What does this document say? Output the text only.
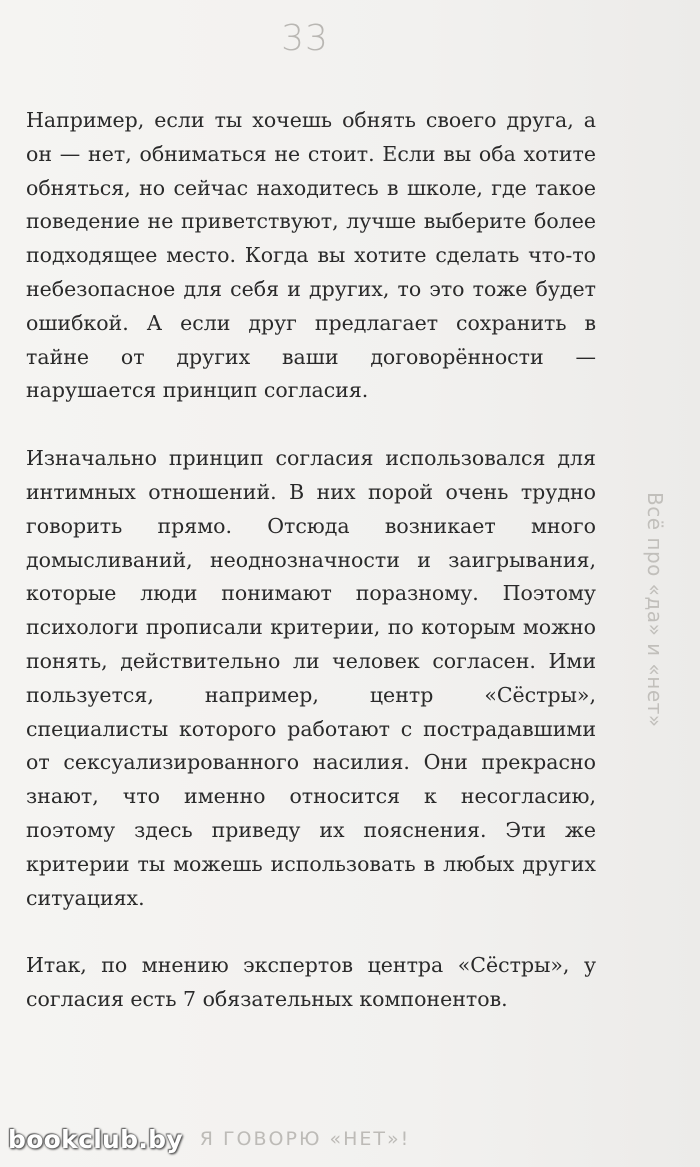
33

Например, если ты хочешь обнять своего друга, а он — нет, обниматься не стоит. Если вы оба хотите обняться, но сейчас находитесь в школе, где такое поведение не приветствуют, лучше выберите более подходящее место. Когда вы хотите сделать что-то небезопасное для себя и других, то это тоже будет ошибкой. А если друг предлагает сохранить в тайне от других ваши договорённости — нарушается принцип согласия.

Изначально принцип согласия использовался для интимных отношений. В них порой очень трудно говорить прямо. Отсюда возникает много домысливаний, неоднозначности и заигрывания, которые люди понимают поразному. Поэтому психологи прописали критерии, по которым можно понять, действительно ли человек согласен. Ими пользуется, например, центр «Сёстры», специалисты которого работают с пострадавшими от сексуализированного насилия. Они прекрасно знают, что именно относится к несогласию, поэтому здесь приведу их пояснения. Эти же критерии ты можешь использовать в любых других ситуациях.

Итак, по мнению экспертов центра «Сёстры», у согласия есть 7 обязательных компонентов.

Всё про «да» и «нет»
Я ГОВОРЮ «НЕТ»!
bookclub.by
